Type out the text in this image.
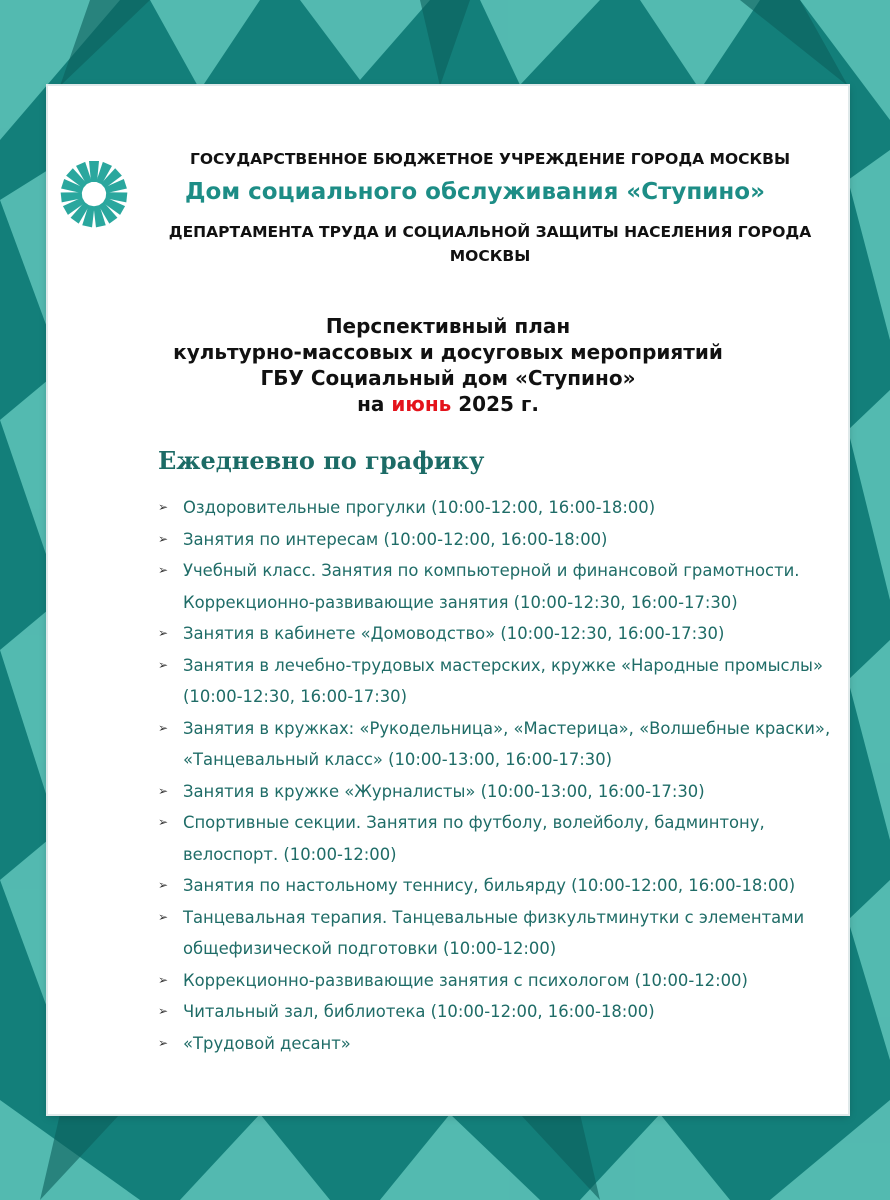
ГОСУДАРСТВЕННОЕ БЮДЖЕТНОЕ УЧРЕЖДЕНИЕ ГОРОДА МОСКВЫ
Дом социального обслуживания «Ступино»
ДЕПАРТАМЕНТА ТРУДА И СОЦИАЛЬНОЙ ЗАЩИТЫ НАСЕЛЕНИЯ ГОРОДА МОСКВЫ
Перспективный план
культурно-массовых и досуговых мероприятий
ГБУ Социальный дом «Ступино»
на июнь 2025 г.
Ежедневно по графику
➢ Оздоровительные прогулки (10:00-12:00, 16:00-18:00)
➢ Занятия по интересам (10:00-12:00, 16:00-18:00)
➢ Учебный класс. Занятия по компьютерной и финансовой грамотности. Коррекционно-развивающие занятия (10:00-12:30, 16:00-17:30)
➢ Занятия в кабинете «Домоводство» (10:00-12:30, 16:00-17:30)
➢ Занятия в лечебно-трудовых мастерских, кружке «Народные промыслы» (10:00-12:30, 16:00-17:30)
➢ Занятия в кружках: «Рукодельница», «Мастерица», «Волшебные краски», «Танцевальный класс» (10:00-13:00, 16:00-17:30)
➢ Занятия в кружке «Журналисты» (10:00-13:00, 16:00-17:30)
➢ Спортивные секции. Занятия по футболу, волейболу, бадминтону, велоспорт. (10:00-12:00)
➢ Занятия по настольному теннису, бильярду (10:00-12:00, 16:00-18:00)
➢ Танцевальная терапия. Танцевальные физкультминутки с элементами общефизической подготовки (10:00-12:00)
➢ Коррекционно-развивающие занятия с психологом (10:00-12:00)
➢ Читальный зал, библиотека (10:00-12:00, 16:00-18:00)
➢ «Трудовой десант»
